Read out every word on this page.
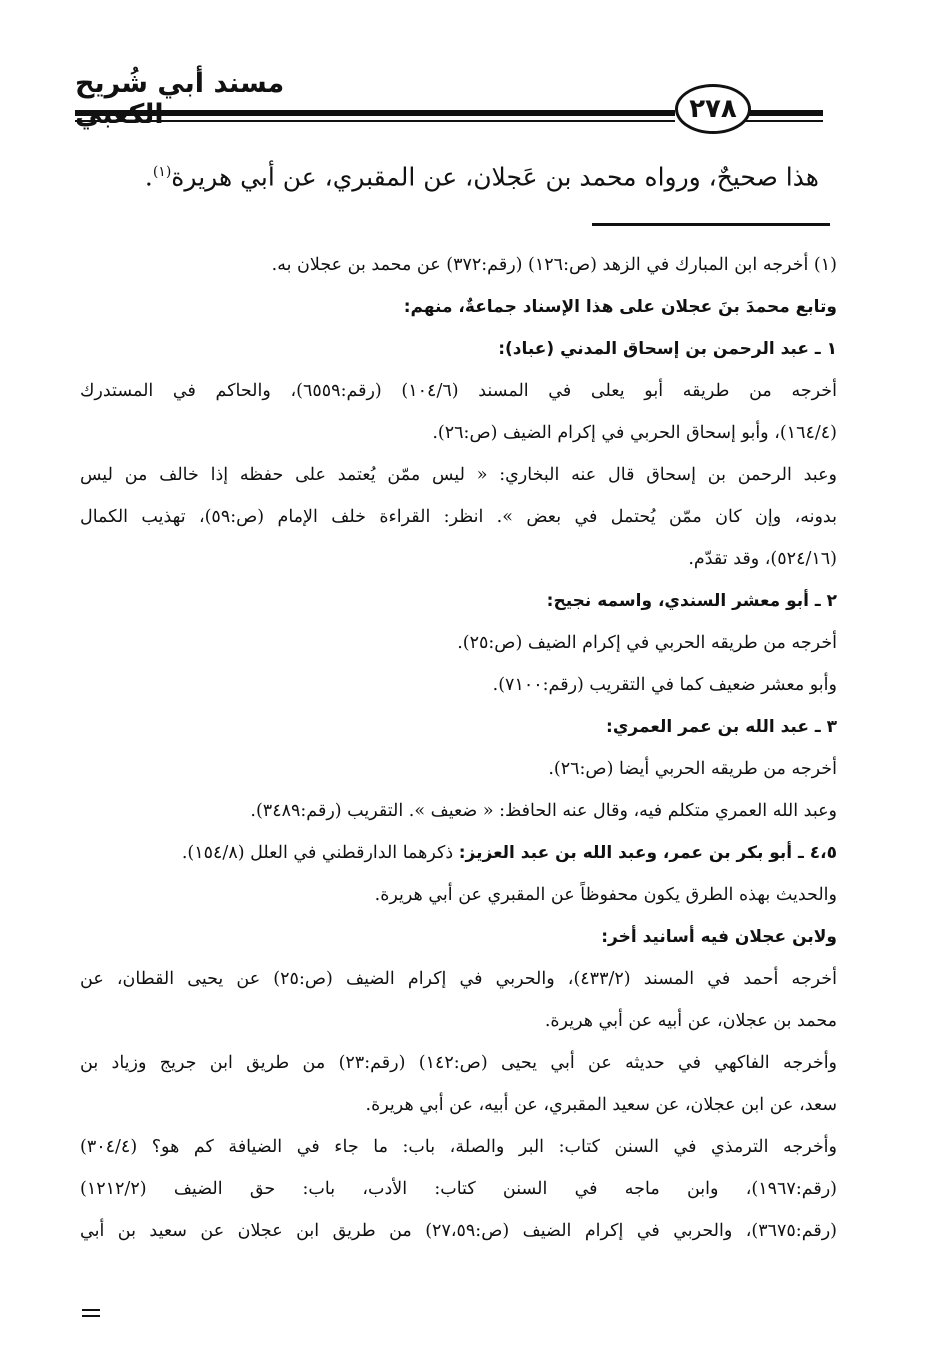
مسند أبي شُريح
٢٧٨
هذا صحيحٌ، ورواه محمد بن عَجلان، عن المقبري، عن أبي هريرة$^{(١)}$.
(١) أخرجه ابن المبارك في الزهد (ص:١٢٦) (رقم:٣٧٢) عن محمد بن عجلان به.
وتابع محمدَ بنَ عجلان على هذا الإسناد جماعةٌ، منهم:
١ ـ عبد الرحمن بن إسحاق المدني (عباد):
أخرجه من طريقه أبو يعلى في المسند (١٠٤/٦) (رقم:٦٥٥٩)، والحاكم في المستدرك
(١٦٤/٤)، وأبو إسحاق الحربي في إكرام الضيف (ص:٢٦).
وعبد الرحمن بن إسحاق قال عنه البخاري: « ليس ممّن يُعتمد على حفظه إذا خالف من ليس
بدونه، وإن كان ممّن يُحتمل في بعض ». انظر: القراءة خلف الإمام (ص:٥٩)، تهذيب الكمال
(٥٢٤/١٦)، وقد تقدّم.
٢ ـ أبو معشر السندي، واسمه نجيح:
أخرجه من طريقه الحربي في إكرام الضيف (ص:٢٥).
وأبو معشر ضعيف كما في التقريب (رقم:٧١٠٠).
٣ ـ عبد الله بن عمر العمري:
أخرجه من طريقه الحربي أيضا (ص:٢٦).
وعبد الله العمري متكلم فيه، وقال عنه الحافظ: « ضعيف ». التقريب (رقم:٣٤٨٩).
٤،٥ ـ أبو بكر بن عمر، وعبد الله بن عبد العزيز: ذكرهما الدارقطني في العلل (١٥٤/٨).
والحديث بهذه الطرق يكون محفوظاً عن المقبري عن أبي هريرة.
ولابن عجلان فيه أسانيد أخر:
أخرجه أحمد في المسند (٤٣٣/٢)، والحربي في إكرام الضيف (ص:٢٥) عن يحيى القطان، عن
محمد بن عجلان، عن أبيه عن أبي هريرة.
وأخرجه الفاكهي في حديثه عن أبي يحيى (ص:١٤٢) (رقم:٢٣) من طريق ابن جريج وزياد بن
سعد، عن ابن عجلان، عن سعيد المقبري، عن أبيه، عن أبي هريرة.
وأخرجه الترمذي في السنن كتاب: البر والصلة، باب: ما جاء في الضيافة كم هو؟ (٣٠٤/٤)
(رقم:١٩٦٧)، وابن ماجه في السنن كتاب: الأدب، باب: حق الضيف (١٢١٢/٢)
(رقم:٣٦٧٥)، والحربي في إكرام الضيف (ص:٢٧،٥٩) من طريق ابن عجلان عن سعيد بن أبي
